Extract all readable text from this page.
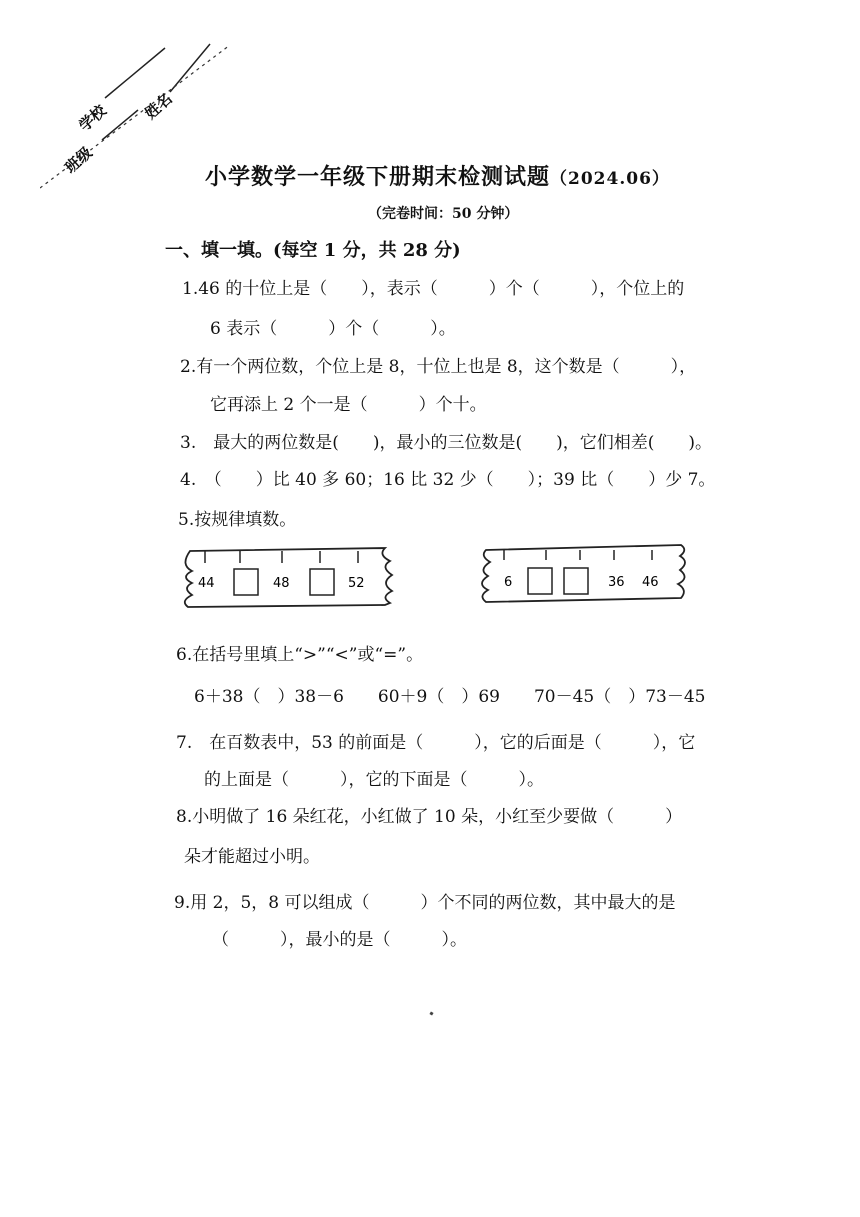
学校 姓名
班级
小学数学一年级下册期末检测试题（2024.06）
（完卷时间：50 分钟）
一、填一填。(每空 1 分，共 28 分)
1.46 的十位上是（　　），表示（　　　）个（　　　），个位上的
6 表示（　　　）个（　　　）。
2.有一个两位数，个位上是 8，十位上也是 8，这个数是（　　　），
它再添上 2 个一是（　　　）个十。
3.　最大的两位数是(　　)，最小的三位数是(　　)，它们相差(　　)。
4.　（　　）比 40 多 60；16 比 32 少（　　）；39 比（　　）少 7。
5.按规律填数。
44	48	52	6	36 46
6.在括号里填上“>”“<”或“=”。
6＋38（　）38－6　　60＋9（　）69　　70－45（　）73－45
7.　在百数表中，53 的前面是（　　　），它的后面是（　　　），它
的上面是（　　　），它的下面是（　　　）。
8.小明做了 16 朵红花，小红做了 10 朵，小红至少要做（　　　）
朵才能超过小明。
9.用 2，5，8 可以组成（　　　）个不同的两位数，其中最大的是
（　　　），最小的是（　　　）。
